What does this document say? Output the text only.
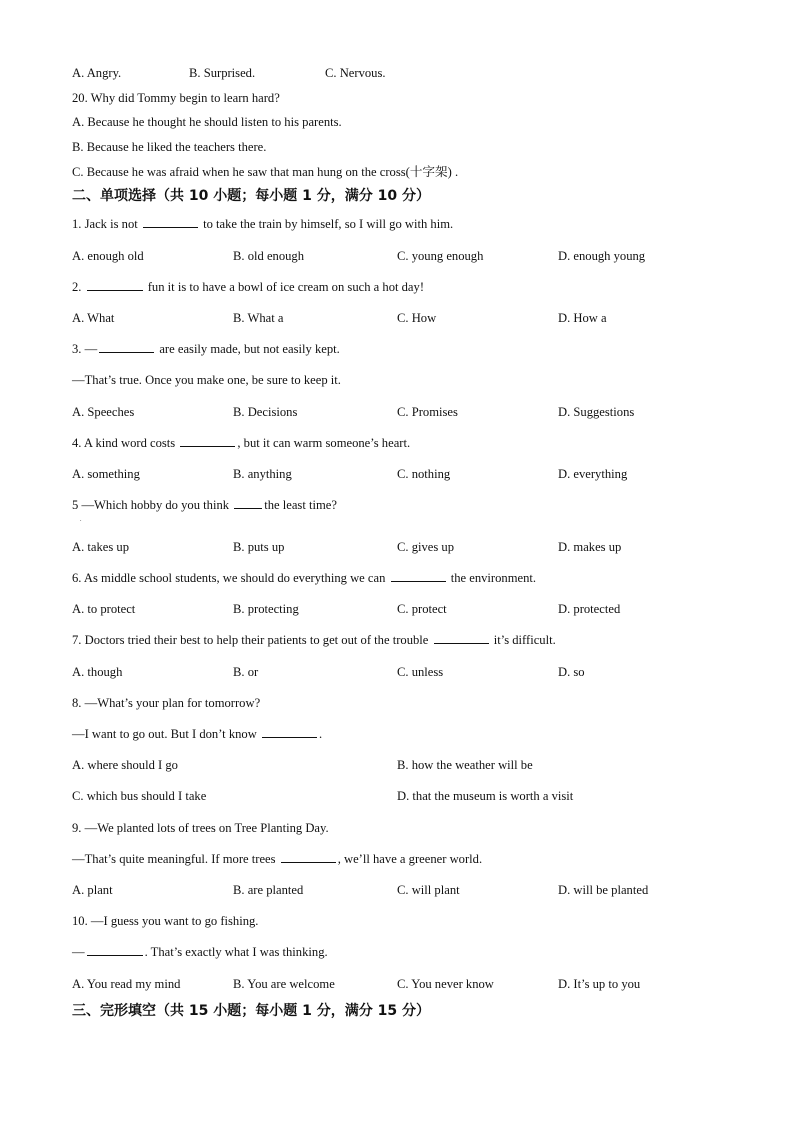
A. Angry.	B. Surprised.	C. Nervous.
20. Why did Tommy begin to learn hard?
A. Because he thought he should listen to his parents.
B. Because he liked the teachers there.
C. Because he was afraid when he saw that man hung on the cross(十字架) .
二、单项选择（共 10 小题；每小题 1 分，满分 10 分）
1. Jack is not	to take the train by himself, so I will go with him.
A. enough old	B. old enough	C. young enough	D. enough young
2.	fun it is to have a bowl of ice cream on such a hot day!
A. What	B. What a	C. How	D. How a
3. —	are easily made, but not easily kept.
—That’s true. Once you make one, be sure to keep it.
A. Speeches	B. Decisions	C. Promises	D. Suggestions
4. A kind word costs	, but it can warm someone’s heart.
A. something	B. anything	C. nothing	D. everything
5 —Which hobby do you think	the least time?
.
A. takes up	B. puts up	C. gives up	D. makes up
6. As middle school students, we should do everything we can	the environment.
A. to protect	B. protecting	C. protect	D. protected
7. Doctors tried their best to help their patients to get out of the trouble	it’s difficult.
A. though	B. or	C. unless	D. so
8. —What’s your plan for tomorrow?
—I want to go out. But I don’t know	.
A. where should I go	B. how the weather will be
C. which bus should I take	D. that the museum is worth a visit
9. —We planted lots of trees on Tree Planting Day.
—That’s quite meaningful. If more trees	, we’ll have a greener world.
A. plant	B. are planted	C. will plant	D. will be planted
10. —I guess you want to go fishing.
—	. That’s exactly what I was thinking.
A. You read my mind	B. You are welcome	C. You never know	D. It’s up to you
三、完形填空（共 15 小题；每小题 1 分，满分 15 分）
